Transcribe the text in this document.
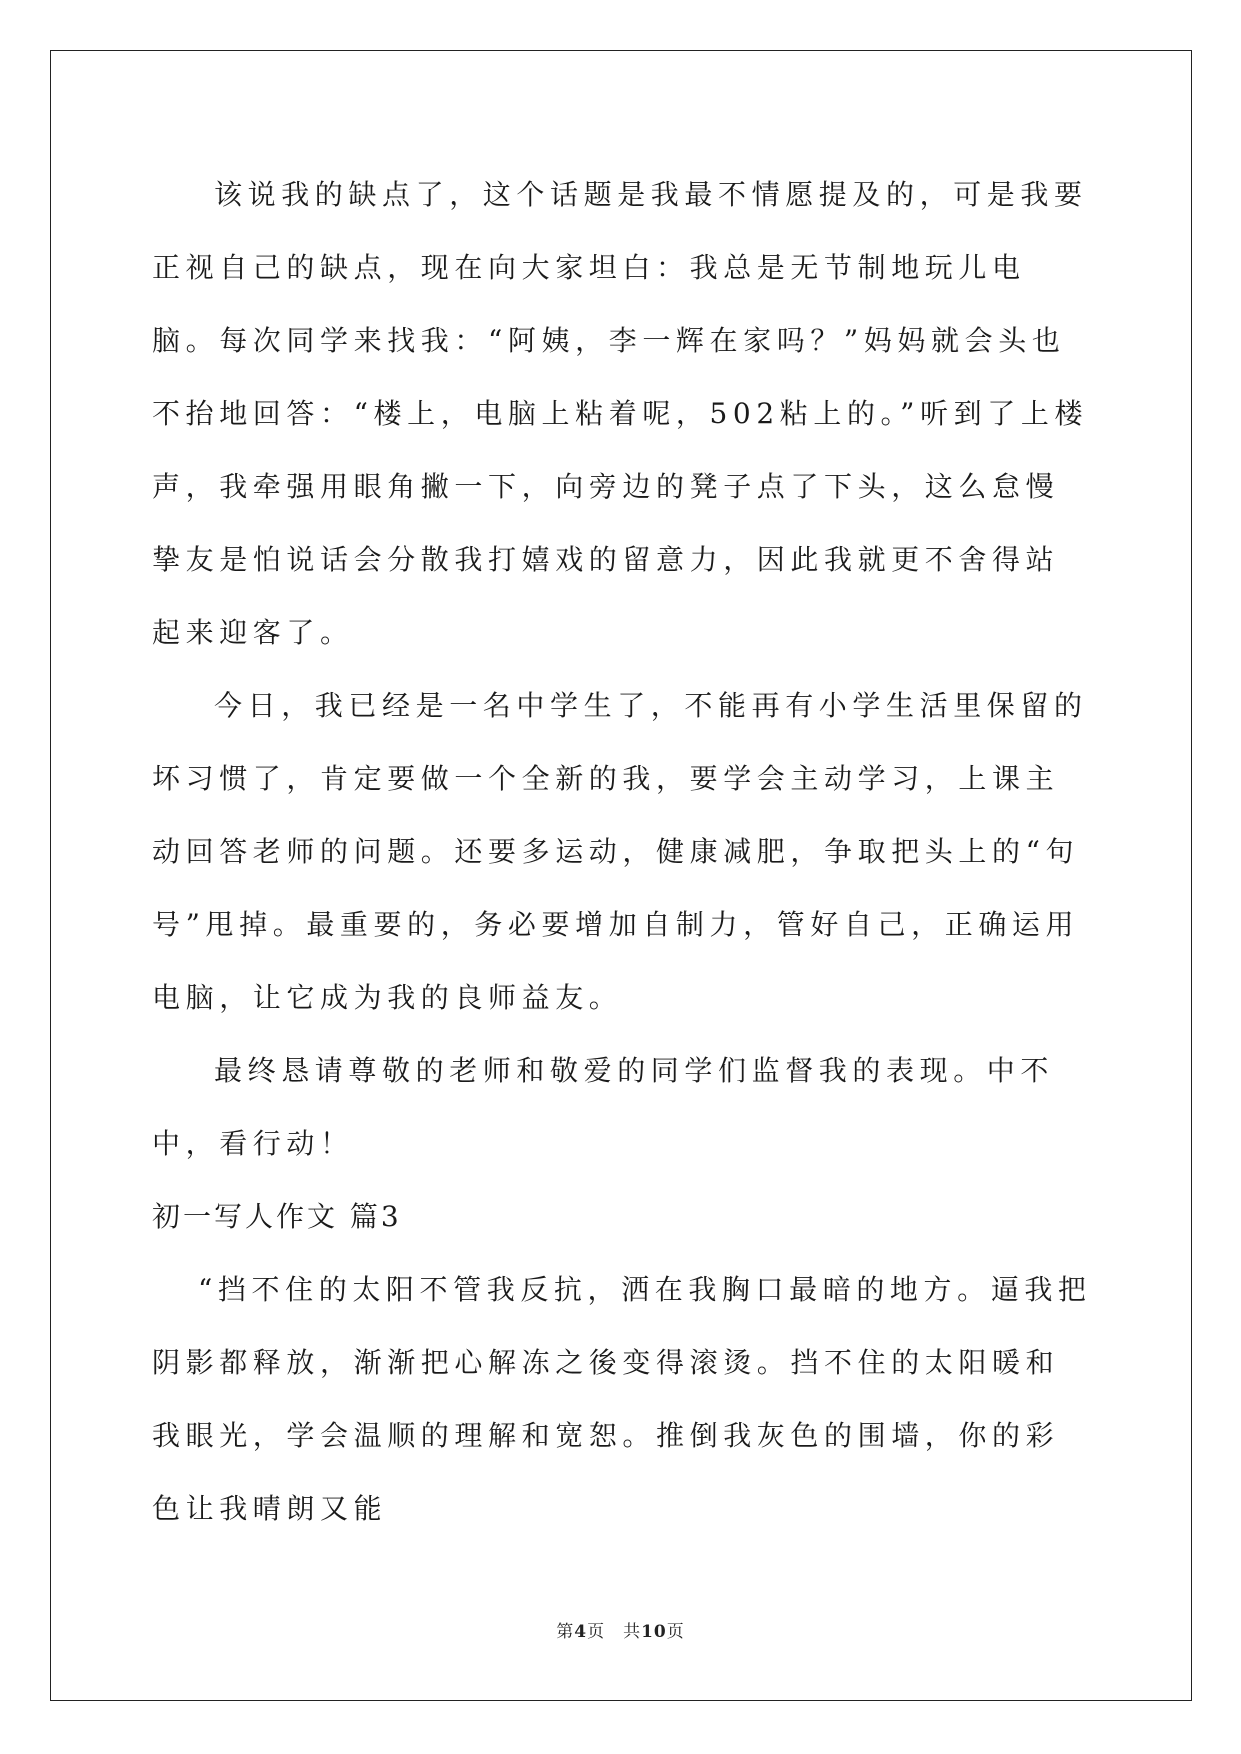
该说我的缺点了，这个话题是我最不情愿提及的，可是我要正视自己的缺点，现在向大家坦白：我总是无节制地玩儿电脑。每次同学来找我：“阿姨，李一辉在家吗？”妈妈就会头也不抬地回答：“楼上，电脑上粘着呢，502粘上的。”听到了上楼声，我牵强用眼角撇一下，向旁边的凳子点了下头，这么怠慢挚友是怕说话会分散我打嬉戏的留意力，因此我就更不舍得站起来迎客了。

今日，我已经是一名中学生了，不能再有小学生活里保留的坏习惯了，肯定要做一个全新的我，要学会主动学习，上课主动回答老师的问题。还要多运动，健康减肥，争取把头上的“句号”甩掉。最重要的，务必要增加自制力，管好自己，正确运用电脑，让它成为我的良师益友。

最终恳请尊敬的老师和敬爱的同学们监督我的表现。中不中，看行动！

初一写人作文 篇3

“挡不住的太阳不管我反抗，洒在我胸口最暗的地方。逼我把阴影都释放，渐渐把心解冻之後变得滚烫。挡不住的太阳暖和我眼光，学会温顺的理解和宽恕。推倒我灰色的围墙，你的彩色让我晴朗又能

第4页　共10页
